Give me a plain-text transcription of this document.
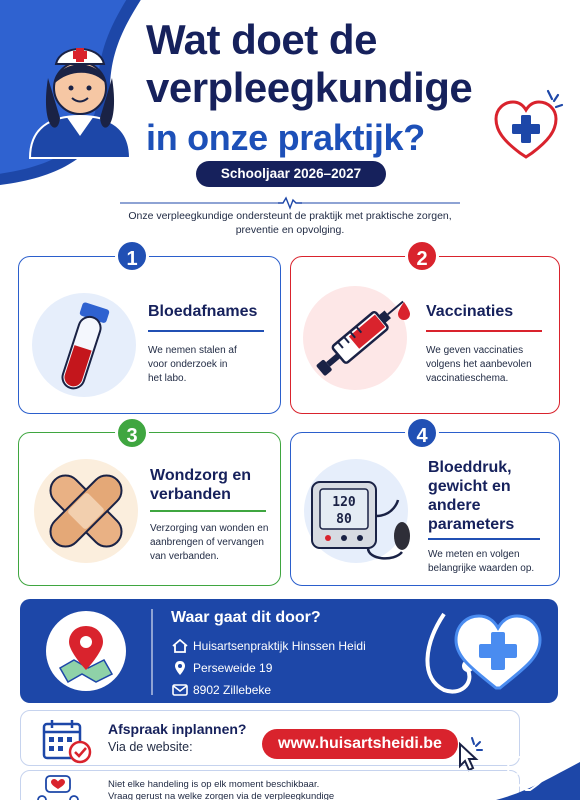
Wat doet de
verpleegkundige
in onze praktijk?
Schooljaar 2026–2027
Onze verpleegkundige ondersteunt de praktijk met praktische zorgen,
preventie en opvolging.
1
Bloedafnames
We nemen stalen af
voor onderzoek in
het labo.
2
Vaccinaties
We geven vaccinaties
volgens het aanbevolen
vaccinatieschema.
3
Wondzorg en
verbanden
Verzorging van wonden en
aanbrengen of vervangen
van verbanden.
4
120
80
Bloeddruk,
gewicht en
andere
parameters
We meten en volgen
belangrijke waarden op.
Waar gaat dit door?
Huisartsenpraktijk Hinssen Heidi
Perseweide 19
8902 Zillebeke
Afspraak inplannen?
Via de website:	www.huisartsheidi.be
Niet elke handeling is op elk moment beschikbaar.
Vraag gerust na welke zorgen via de verpleegkundige
